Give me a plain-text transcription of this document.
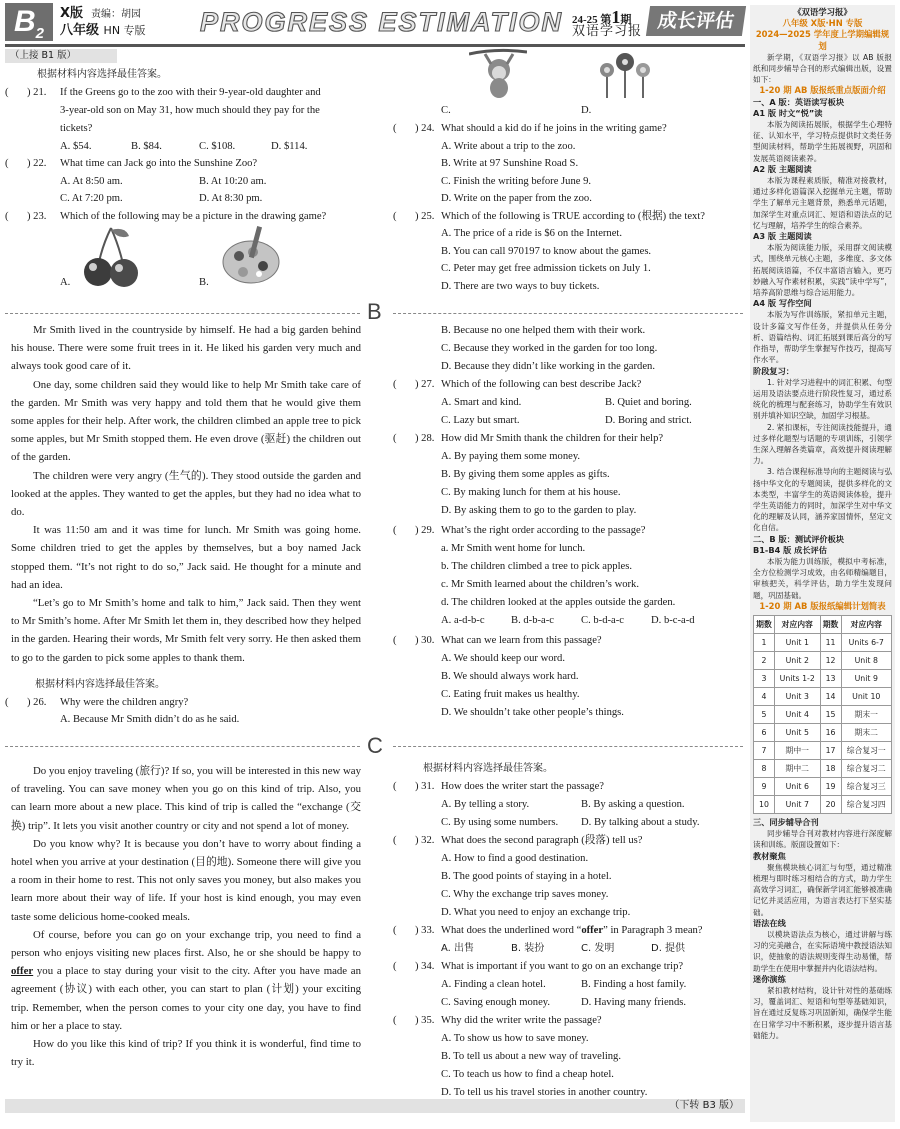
$B_2$
X版 责编：胡园
八年级 HN 专版 PROGRESS ESTIMATION 24-25 第1期
双语学习报 成长评估
（上接 B1 版）
根据材料内容选择最佳答案。
( ) 21. If the Greens go to the zoo with their 9-year-old daughter and
3-year-old son on May 31, how much should they pay for the
tickets?
A. $54.	B. $84.	C. $108.	D. $114.
( ) 22. What time can Jack go into the Sunshine Zoo?
A. At 8:50 am.	B. At 10:20 am.
C. At 7:20 pm.	D. At 8:30 pm.
( ) 23. Which of the following may be a picture in the drawing game?
A.	B.
C.	D.
( ) 24. What should a kid do if he joins in the writing game?
A. Write about a trip to the zoo.
B. Write at 97 Sunshine Road S.
C. Finish the writing before June 9.
D. Write on the paper from the zoo.
( ) 25. Which of the following is TRUE according to (根据) the text?
A. The price of a ride is $6 on the Internet.
B. You can call 970197 to know about the games.
C. Peter may get free admission tickets on July 1.
D. There are two ways to buy tickets.
B

Mr Smith lived in the countryside by himself. He had a big garden behind his house. There were some fruit trees in it. He liked his garden very much and always took good care of it.

One day, some children said they would like to help Mr Smith take care of the garden. Mr Smith was very happy and told them that he would give them some apples for their help. After work, the children climbed an apple tree to pick some apples, but Mr Smith stopped them. He even drove (驱赶) the children out of the garden.

The children were very angry (生气的). They stood outside the garden and looked at the apples. They wanted to get the apples, but they had no idea what to do.

It was 11:50 am and it was time for lunch. Mr Smith was going home. Some children tried to get the apples by themselves, but a boy named Jack stopped them. “It’s not right to do so,” Jack said. He thought for a minute and had an idea.

“Let’s go to Mr Smith’s home and talk to him,” Jack said. Then they went to Mr Smith’s home. After Mr Smith let them in, they described how they helped in the garden. Hearing their words, Mr Smith felt very sorry. He then asked them to go to the garden to pick some apples to thank them.

根据材料内容选择最佳答案。
( ) 26. Why were the children angry?
A. Because Mr Smith didn’t do as he said.
B. Because no one helped them with their work.
C. Because they worked in the garden for too long.
D. Because they didn’t like working in the garden.
( ) 27. Which of the following can best describe Jack?
A. Smart and kind.	B. Quiet and boring.
C. Lazy but smart.	D. Boring and strict.
( ) 28. How did Mr Smith thank the children for their help?
A. By paying them some money.
B. By giving them some apples as gifts.
C. By making lunch for them at his house.
D. By asking them to go to the garden to play.
( ) 29. What’s the right order according to the passage?
a. Mr Smith went home for lunch.
b. The children climbed a tree to pick apples.
c. Mr Smith learned about the children’s work.
d. The children looked at the apples outside the garden.
A. a-d-b-c B. d-b-a-c	C. b-d-a-c	D. b-c-a-d
( ) 30. What can we learn from this passage?
A. We should keep our word.
B. We should always work hard.
C. Eating fruit makes us healthy.
D. We shouldn’t take other people’s things.
C

Do you enjoy traveling (旅行)? If so, you will be interested in this new way of traveling. You can save money when you go on this kind of trip. Also, you can learn more about a new place. This kind of trip is called the “exchange (交换) trip”. It lets you visit another country or city and not spend a lot of money.

Do you know why? It is because you don’t have to worry about finding a hotel when you arrive at your destination (目的地). Someone there will give you a room in their home to rest. This not only saves you money, but also makes you learn more about their way of life. If your host is kind enough, you may even taste some delicious home-cooked meals.

Of course, before you can go on your exchange trip, you need to find a person who enjoys visiting new places first. Also, he or she should be happy to offer you a place to stay during your visit to the city. After you have made an agreement (协议) with each other, you can start to plan (计划) your exciting trip. Remember, when the person comes to your city one day, you have to find him or her a place to stay.

How do you like this kind of trip? If you think it is wonderful, find time to try it.

根据材料内容选择最佳答案。
( ) 31. How does the writer start the passage?
A. By telling a story.	B. By asking a question.
C. By using some numbers. D. By talking about a study.
( ) 32. What does the second paragraph (段落) tell us?
A. How to find a good destination.
B. The good points of staying in a hotel.
C. Why the exchange trip saves money.
D. What you need to enjoy an exchange trip.
( ) 33. What does the underlined word “offer” in Paragraph 3 mean?
A. 出售	B. 装扮	C. 发明	D. 提供
( ) 34. What is important if you want to go on an exchange trip?
A. Finding a clean hotel.	B. Finding a host family.
C. Saving enough money.	D. Having many friends.
( ) 35. Why did the writer write the passage?
A. To show us how to save money.
B. To tell us about a new way of traveling.
C. To teach us how to find a cheap hotel.
D. To tell us his travel stories in another country.
（下转 B3 版）
《双语学习报》
八年级 X版·HN 专版
2024—2025 学年度上学期编辑规划
新学期，《双语学习报》以 AB 版报纸和同步辅导合刊的形式编辑出版，设置如下：
1-20 期 AB 版报纸重点版面介绍
一、A 版：英语读写板块
A1 版 时文“悦”读
本版为阅读拓展版，根据学生心理特征、认知水平，学习特点提供时文类任务型阅读材料，帮助学生拓展视野，巩固和发展英语阅读素养。
A2 版 主题阅读
本版为课程素质版，精准对接教材，通过多样化语篇深入挖掘单元主题，帮助学生了解单元主题背景，熟悉单元话题，加深学生对重点词汇、短语和语法点的记忆与理解，培养学生的综合素养。
A3 版 主题阅读
本版为阅读能力版，采用群文阅读模式，围绕单元核心主题，多维度、多文体拓展阅读语篇，不仅丰富语言输入，更巧妙融入写作素材积累，实践“读中学写”，培养高阶思维与综合运用能力。
A4 版 写作空间
本版为写作训练版，紧扣单元主题，设计多篇文写作任务，并提供从任务分析、语篇结构、词汇拓展到课后高分的写作指导，帮助学生掌握写作技巧，提高写作水平。
阶段复习：
1. 针对学习进程中的词汇积累、句型运用及语法要点进行阶段性复习，通过系统化的梳理与配套练习，协助学生有效识别并填补知识空缺，加固学习根基。
2. 紧扣课标，专注阅读技能提升，通过多样化题型与话题的专项训练，引领学生深入理解各类篇章，高效提升阅读理解力。
3. 结合课程标准导向的主题阅读与弘扬中华文化的专题阅读，提供多样化的文本类型，丰富学生的英语阅读体验，提升学生英语能力的同时，加深学生对中华文化的理解及认同，涵养家国情怀，坚定文化自信。
二、B 版：测试评价板块
B1-B4 版 成长评估
本版为能力训练版，模拟中考标准，全方位检测学习成效，由名师精编题目，审核把关，科学评估，助力学生发现问题，巩固基础。
1-20 期 AB 版报纸编辑计划简表
期数	对应内容	期数	对应内容
1	Unit 1	11	Units 6-7
2	Unit 2	12	Unit 8
3	Units 1-2	13	Unit 9
4	Unit 3	14	Unit 10
5	Unit 4	15	期末一
6	Unit 5	16	期末二
7	期中一	17	综合复习一
8	期中二	18	综合复习二
9	Unit 6	19	综合复习三
10	Unit 7	20	综合复习四
三、同步辅导合刊
同步辅导合刊对教材内容进行深度解读和训练。版面设置如下：
教材聚焦
聚焦模块核心词汇与句型，通过精准梳理与即时练习相结合的方式，助力学生高效学习词汇，确保新学词汇能够被准确记忆并灵活应用，为语言表达打下坚实基础。
语法在线
以模块语法点为核心，通过讲解与练习的完美融合，在实际语境中教授语法知识，使抽象的语法规则变得生动易懂，帮助学生在使用中掌握并内化语法结构。
迷你演练
紧扣教材结构，设计针对性的基础练习，覆盖词汇、短语和句型等基础知识，旨在通过反复练习巩固新知，确保学生能在日常学习中不断积累，逐步提升语言基础能力。
